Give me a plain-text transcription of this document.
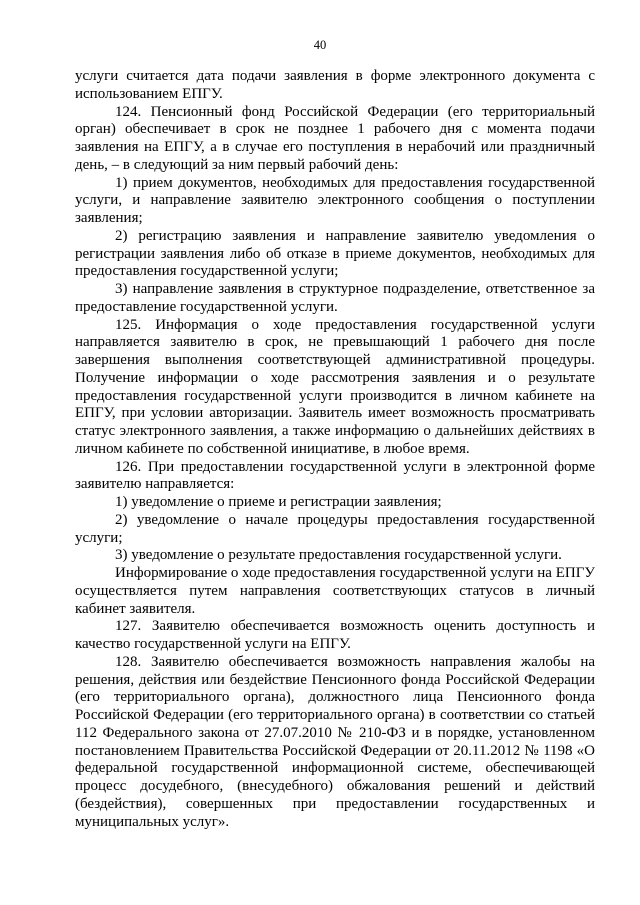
40

услуги считается дата подачи заявления в форме электронного документа с использованием ЕПГУ.

124. Пенсионный фонд Российской Федерации (его территориальный орган) обеспечивает в срок не позднее 1 рабочего дня с момента подачи заявления на ЕПГУ, а в случае его поступления в нерабочий или праздничный день, – в следующий за ним первый рабочий день:

1) прием документов, необходимых для предоставления государственной услуги, и направление заявителю электронного сообщения о поступлении заявления;

2) регистрацию заявления и направление заявителю уведомления о регистрации заявления либо об отказе в приеме документов, необходимых для предоставления государственной услуги;

3) направление заявления в структурное подразделение, ответственное за предоставление государственной услуги.

125. Информация о ходе предоставления государственной услуги направляется заявителю в срок, не превышающий 1 рабочего дня после завершения выполнения соответствующей административной процедуры. Получение информации о ходе рассмотрения заявления и о результате предоставления государственной услуги производится в личном кабинете на ЕПГУ, при условии авторизации. Заявитель имеет возможность просматривать статус электронного заявления, а также информацию о дальнейших действиях в личном кабинете по собственной инициативе, в любое время.

126. При предоставлении государственной услуги в электронной форме заявителю направляется:

1) уведомление о приеме и регистрации заявления;

2) уведомление о начале процедуры предоставления государственной услуги;

3) уведомление о результате предоставления государственной услуги.

Информирование о ходе предоставления государственной услуги на ЕПГУ осуществляется путем направления соответствующих статусов в личный кабинет заявителя.

127. Заявителю обеспечивается возможность оценить доступность и качество государственной услуги на ЕПГУ.

128. Заявителю обеспечивается возможность направления жалобы на решения, действия или бездействие Пенсионного фонда Российской Федерации (его территориального органа), должностного лица Пенсионного фонда Российской Федерации (его территориального органа) в соответствии со статьей 112 Федерального закона от 27.07.2010 № 210-ФЗ и в порядке, установленном постановлением Правительства Российской Федерации от 20.11.2012 № 1198 «О федеральной государственной информационной системе, обеспечивающей процесс досудебного, (внесудебного) обжалования решений и действий (бездействия), совершенных при предоставлении государственных и муниципальных услуг».
